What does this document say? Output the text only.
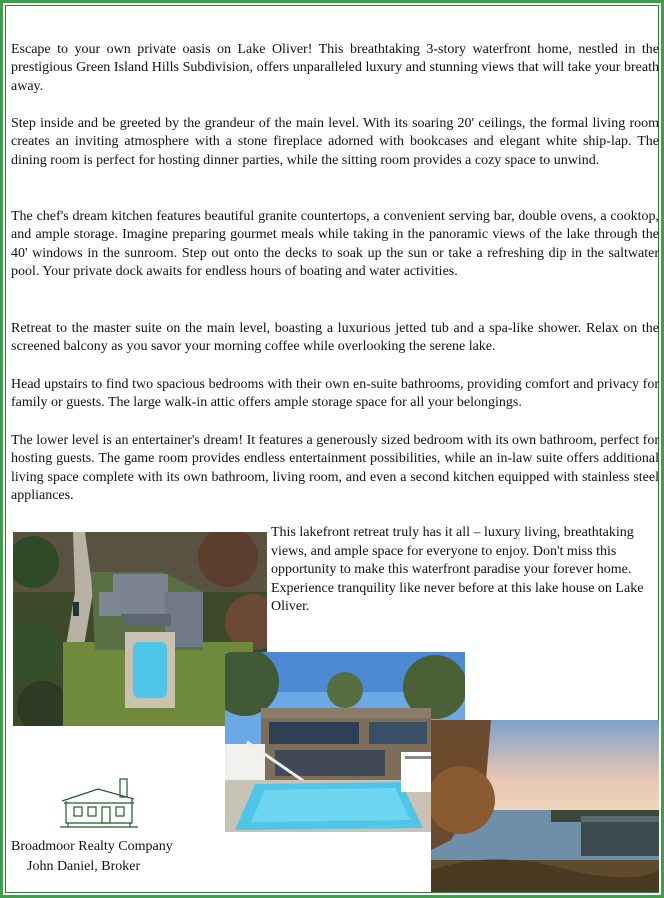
Escape to your own private oasis on Lake Oliver! This breathtaking 3-story waterfront home, nestled in the prestigious Green Island Hills Subdivision, offers unparalleled luxury and stunning views that will take your breath away.

Step inside and be greeted by the grandeur of the main level. With its soaring 20' ceilings, the formal living room creates an inviting atmosphere with a stone fireplace adorned with bookcases and elegant white ship-lap. The dining room is perfect for hosting dinner parties, while the sitting room provides a cozy space to unwind.

The chef's dream kitchen features beautiful granite countertops, a convenient serving bar, double ovens, a cooktop, and ample storage. Imagine preparing gourmet meals while taking in the panoramic views of the lake through the 40' windows in the sunroom. Step out onto the decks to soak up the sun or take a refreshing dip in the saltwater pool. Your private dock awaits for endless hours of boating and water activities.

Retreat to the master suite on the main level, boasting a luxurious jetted tub and a spa-like shower. Relax on the screened balcony as you savor your morning coffee while overlooking the serene lake.

Head upstairs to find two spacious bedrooms with their own en-suite bathrooms, providing comfort and privacy for family or guests. The large walk-in attic offers ample storage space for all your belongings.

The lower level is an entertainer's dream! It features a generously sized bedroom with its own bathroom, perfect for hosting guests. The game room provides endless entertainment possibilities, while an in-law suite offers additional living space complete with its own bathroom, living room, and even a second kitchen equipped with stainless steel appliances.

This lakefront retreat truly has it all – luxury living, breathtaking views, and ample space for everyone to enjoy. Don't miss this opportunity to make this waterfront paradise your forever home. Experience tranquility like never before at this lake house on Lake Oliver.

Broadmoor Realty Company
John Daniel, Broker
